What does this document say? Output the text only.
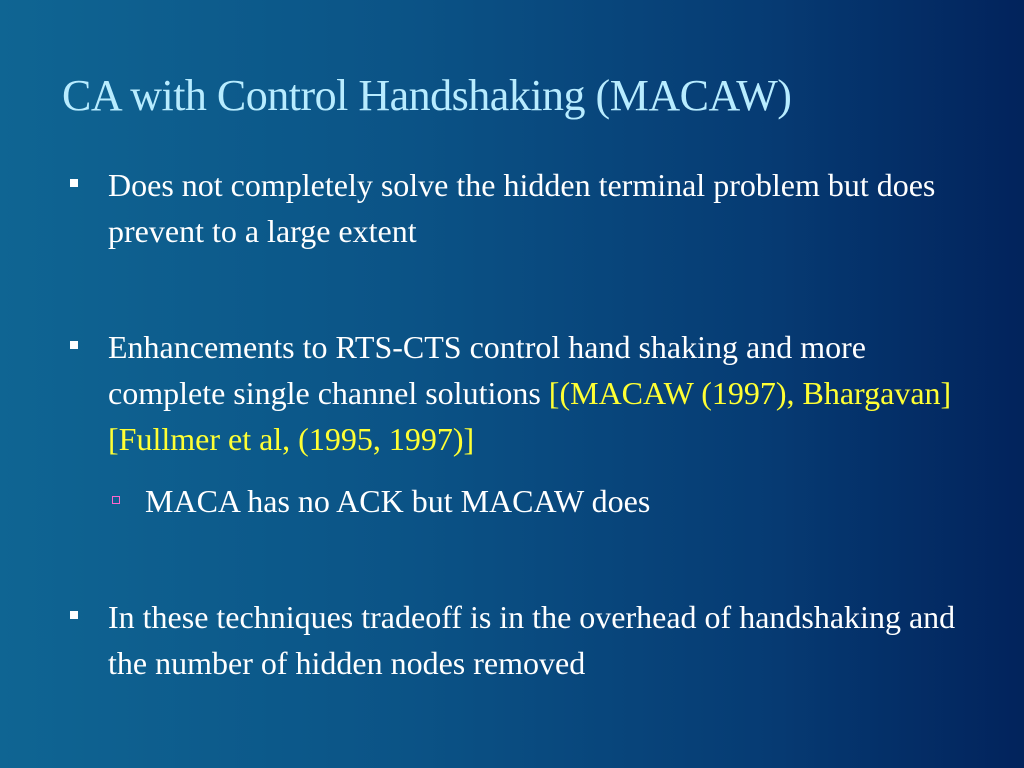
CA with Control Handshaking (MACAW)
Does not completely solve the hidden terminal problem but does prevent to a large extent
Enhancements to RTS-CTS control hand shaking and more complete single channel solutions [(MACAW (1997), Bhargavan] [Fullmer et al, (1995, 1997)]
MACA has no ACK but MACAW does
In these techniques tradeoff is in the overhead of handshaking and the number of hidden nodes removed
